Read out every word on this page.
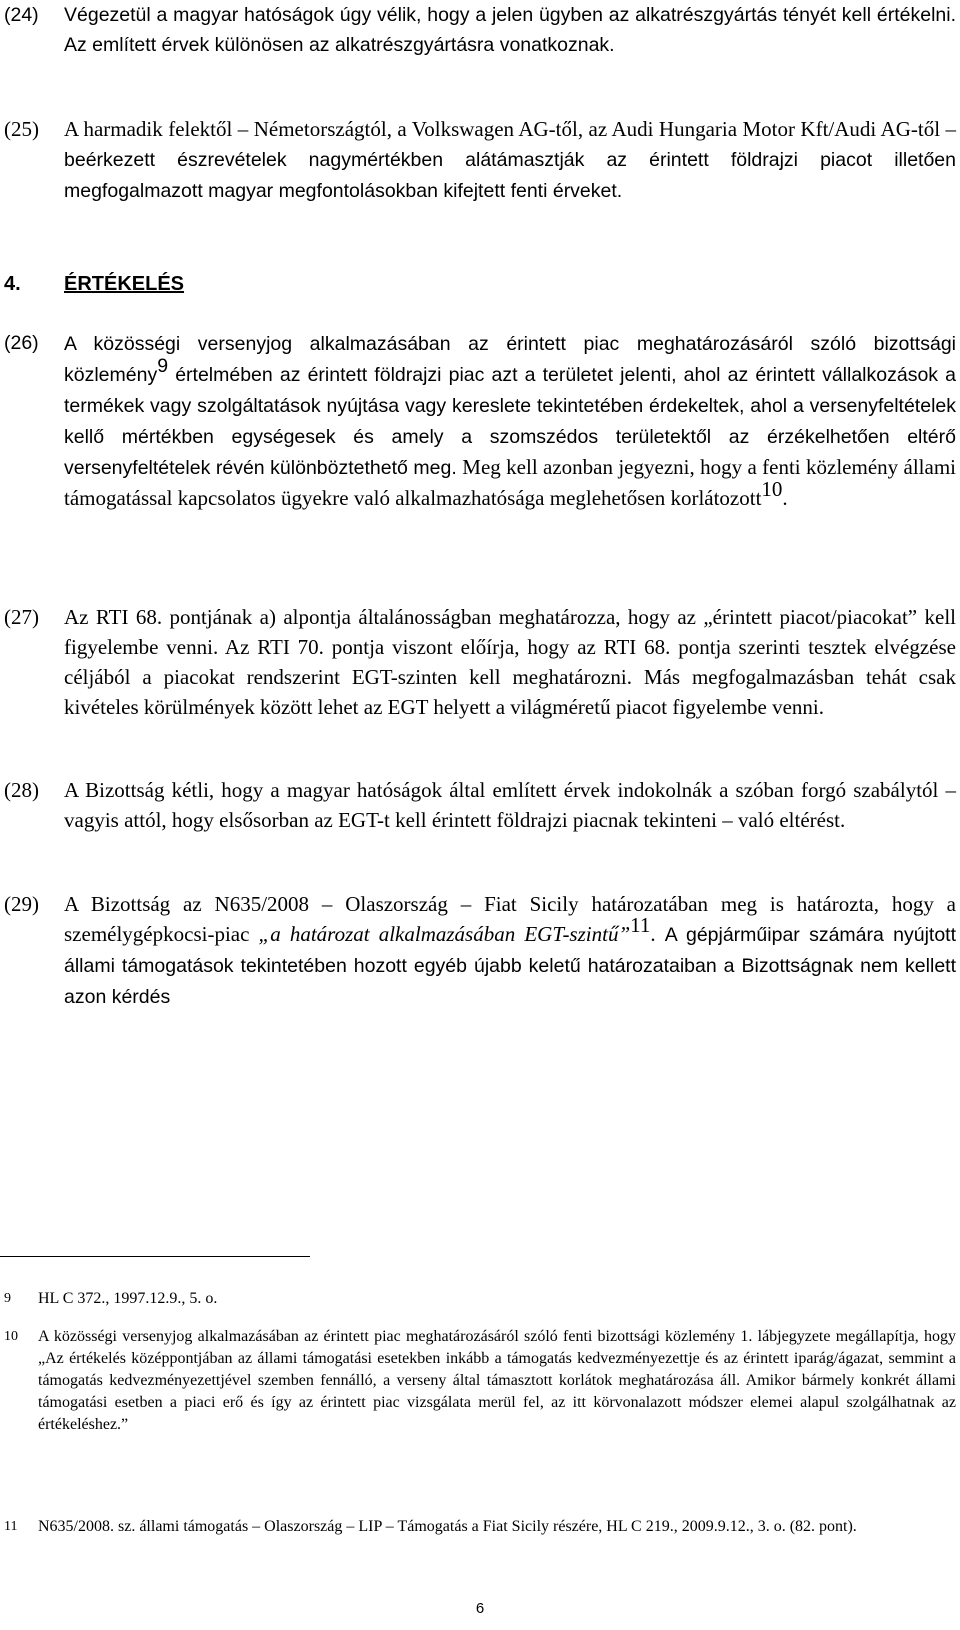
(24) Végezetül a magyar hatóságok úgy vélik, hogy a jelen ügyben az alkatrészgyártás tényét kell értékelni. Az említett érvek különösen az alkatrészgyártásra vonatkoznak.

(25) A harmadik felektől – Németországtól, a Volkswagen AG-től, az Audi Hungaria Motor Kft/Audi AG-től – beérkezett észrevételek nagymértékben alátámasztják az érintett földrajzi piacot illetően megfogalmazott magyar megfontolásokban kifejtett fenti érveket.

4. ÉRTÉKELÉS
(26) A közösségi versenyjog alkalmazásában az érintett piac meghatározásáról szóló bizottsági közlemény$^9$ értelmében az érintett földrajzi piac azt a területet jelenti, ahol az érintett vállalkozások a termékek vagy szolgáltatások nyújtása vagy kereslete tekintetében érdekeltek, ahol a versenyfeltételek kellő mértékben egységesek és amely a szomszédos területektől az érzékelhetően eltérő versenyfeltételek révén különböztethető meg. Meg kell azonban jegyezni, hogy a fenti közlemény állami támogatással kapcsolatos ügyekre való alkalmazhatósága meglehetősen korlátozott$^{10}$.

(27) Az RTI 68. pontjának a) alpontja általánosságban meghatározza, hogy az „érintett piacot/piacokat” kell figyelembe venni. Az RTI 70. pontja viszont előírja, hogy az RTI 68. pontja szerinti tesztek elvégzése céljából a piacokat rendszerint EGT-szinten kell meghatározni. Más megfogalmazásban tehát csak kivételes körülmények között lehet az EGT helyett a világméretű piacot figyelembe venni.

(28) A Bizottság kétli, hogy a magyar hatóságok által említett érvek indokolnák a szóban forgó szabálytól – vagyis attól, hogy elsősorban az EGT-t kell érintett földrajzi piacnak tekinteni – való eltérést.

(29) A Bizottság az N635/2008 – Olaszország – Fiat Sicily határozatában meg is határozta, hogy a személygépkocsi-piac „a határozat alkalmazásában EGT-szintű”$^{11}$. A gépjárműipar számára nyújtott állami támogatások tekintetében hozott egyéb újabb keletű határozataiban a Bizottságnak nem kellett azon kérdés

9 HL C 372., 1997.12.9., 5. o.

10 A közösségi versenyjog alkalmazásában az érintett piac meghatározásáról szóló fenti bizottsági közlemény 1. lábjegyzete megállapítja, hogy „Az értékelés középpontjában az állami támogatási esetekben inkább a támogatás kedvezményezettje és az érintett iparág/ágazat, semmint a támogatás kedvezményezettjével szemben fennálló, a verseny által támasztott korlátok meghatározása áll. Amikor bármely konkrét állami támogatási esetben a piaci erő és így az érintett piac vizsgálata merül fel, az itt körvonalazott módszer elemei alapul szolgálhatnak az értékeléshez.”

11 N635/2008. sz. állami támogatás – Olaszország – LIP – Támogatás a Fiat Sicily részére, HL C 219., 2009.9.12., 3. o. (82. pont).

6
